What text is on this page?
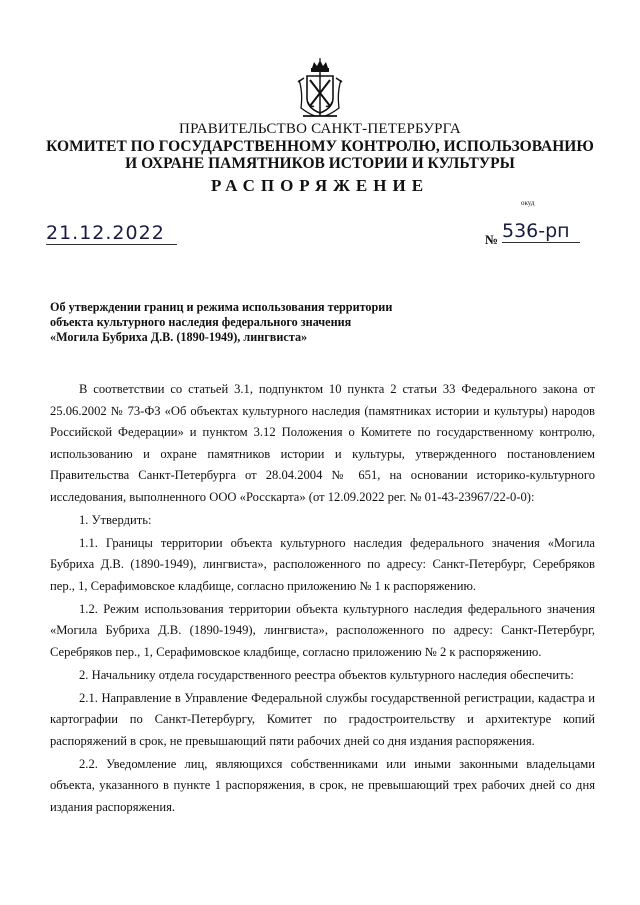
ПРАВИТЕЛЬСТВО САНКТ-ПЕТЕРБУРГА
КОМИТЕТ ПО ГОСУДАРСТВЕННОМУ КОНТРОЛЮ, ИСПОЛЬЗОВАНИЮ
И ОХРАНЕ ПАМЯТНИКОВ ИСТОРИИ И КУЛЬТУРЫ
РАСПОРЯЖЕНИЕ
окуд
21.12.2022	№ 536-рп
Об утверждении границ и режима использования территории
объекта культурного наследия федерального значения
«Могила Бубриха Д.В. (1890-1949), лингвиста»

В соответствии со статьей 3.1, подпунктом 10 пункта 2 статьи 33 Федерального закона от 25.06.2002 № 73-ФЗ «Об объектах культурного наследия (памятниках истории и культуры) народов Российской Федерации» и пунктом 3.12 Положения о Комитете по государственному контролю, использованию и охране памятников истории и культуры, утвержденного постановлением Правительства Санкт-Петербурга от 28.04.2004 № 651, на основании историко-культурного исследования, выполненного ООО «Росскарта» (от 12.09.2022 рег. № 01-43-23967/22-0-0):

1. Утвердить:

1.1. Границы территории объекта культурного наследия федерального значения «Могила Бубриха Д.В. (1890-1949), лингвиста», расположенного по адресу: Санкт-Петербург, Серебряков пер., 1, Серафимовское кладбище, согласно приложению № 1 к распоряжению.

1.2. Режим использования территории объекта культурного наследия федерального значения «Могила Бубриха Д.В. (1890-1949), лингвиста», расположенного по адресу: Санкт-Петербург, Серебряков пер., 1, Серафимовское кладбище, согласно приложению № 2 к распоряжению.

2. Начальнику отдела государственного реестра объектов культурного наследия обеспечить:

2.1. Направление в Управление Федеральной службы государственной регистрации, кадастра и картографии по Санкт-Петербургу, Комитет по градостроительству и архитектуре копий распоряжений в срок, не превышающий пяти рабочих дней со дня издания распоряжения.

2.2. Уведомление лиц, являющихся собственниками или иными законными владельцами объекта, указанного в пункте 1 распоряжения, в срок, не превышающий трех рабочих дней со дня издания распоряжения.
